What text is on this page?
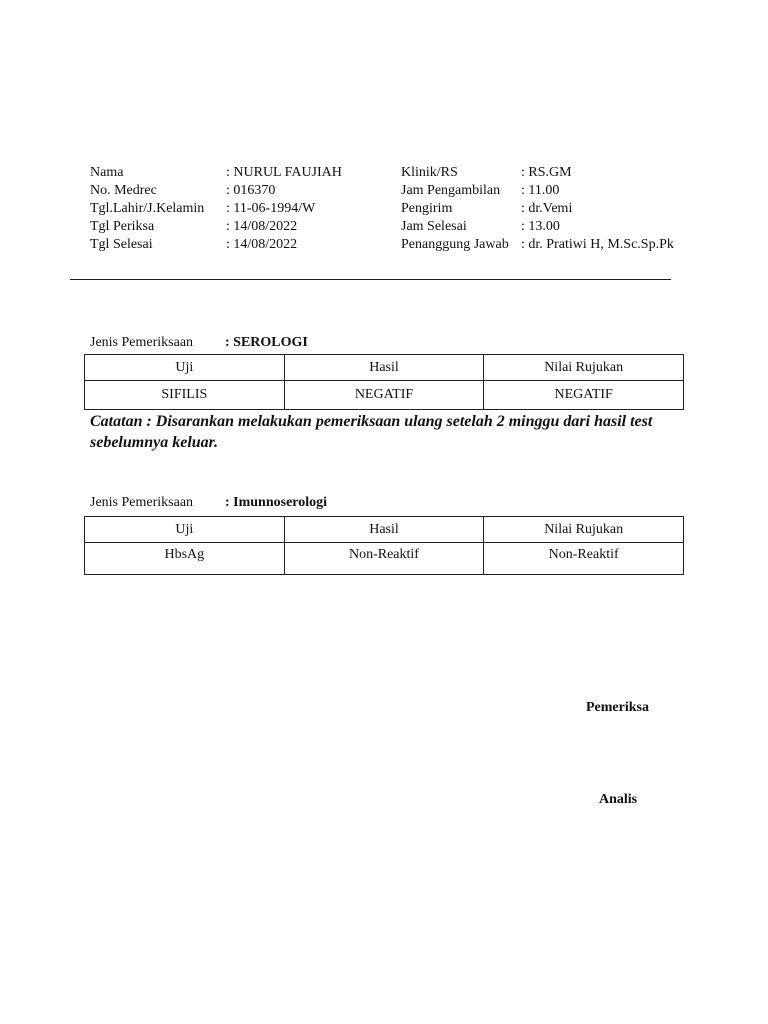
Nama	: NURUL FAUJIAH
No. Medrec	: 016370
Tgl.Lahir/J.Kelamin	: 11-06-1994/W
Tgl Periksa	: 14/08/2022
Tgl Selesai	: 14/08/2022
Klinik/RS	: RS.GM
Jam Pengambilan	: 11.00
Pengirim	: dr.Vemi
Jam Selesai	: 13.00
Penanggung Jawab : dr. Pratiwi H, M.Sc.Sp.Pk
Jenis Pemeriksaan	: SEROLOGI
Uji	Hasil	Nilai Rujukan
SIFILIS	NEGATIF	NEGATIF
Catatan : Disarankan melakukan pemeriksaan ulang setelah 2 minggu dari hasil test sebelumnya keluar.
Jenis Pemeriksaan	: Imunnoserologi
Uji	Hasil	Nilai Rujukan
HbsAg	Non-Reaktif	Non-Reaktif
Pemeriksa
Analis
